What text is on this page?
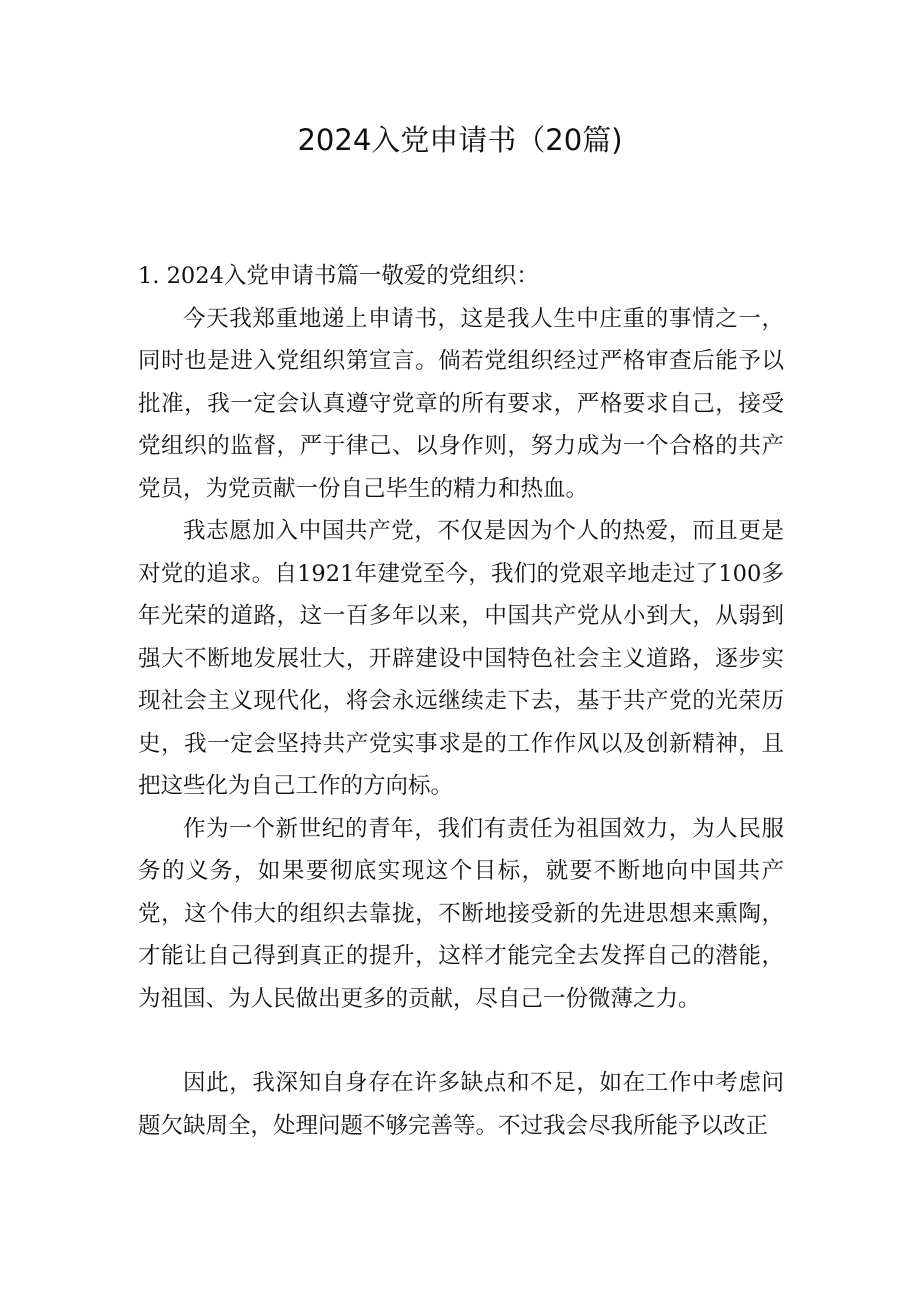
2024入党申请书（20篇)

1. 2024入党申请书篇一敬爱的党组织：

今天我郑重地递上申请书，这是我人生中庄重的事情之一，同时也是进入党组织第宣言。倘若党组织经过严格审查后能予以批准，我一定会认真遵守党章的所有要求，严格要求自己，接受党组织的监督，严于律己、以身作则，努力成为一个合格的共产党员，为党贡献一份自己毕生的精力和热血。

我志愿加入中国共产党，不仅是因为个人的热爱，而且更是对党的追求。自1921年建党至今，我们的党艰辛地走过了100多年光荣的道路，这一百多年以来，中国共产党从小到大，从弱到强大不断地发展壮大，开辟建设中国特色社会主义道路，逐步实现社会主义现代化，将会永远继续走下去，基于共产党的光荣历史，我一定会坚持共产党实事求是的工作作风以及创新精神，且把这些化为自己工作的方向标。

作为一个新世纪的青年，我们有责任为祖国效力，为人民服务的义务，如果要彻底实现这个目标，就要不断地向中国共产党，这个伟大的组织去靠拢，不断地接受新的先进思想来熏陶，才能让自己得到真正的提升，这样才能完全去发挥自己的潜能，为祖国、为人民做出更多的贡献，尽自己一份微薄之力。

因此，我深知自身存在许多缺点和不足，如在工作中考虑问题欠缺周全，处理问题不够完善等。不过我会尽我所能予以改正
